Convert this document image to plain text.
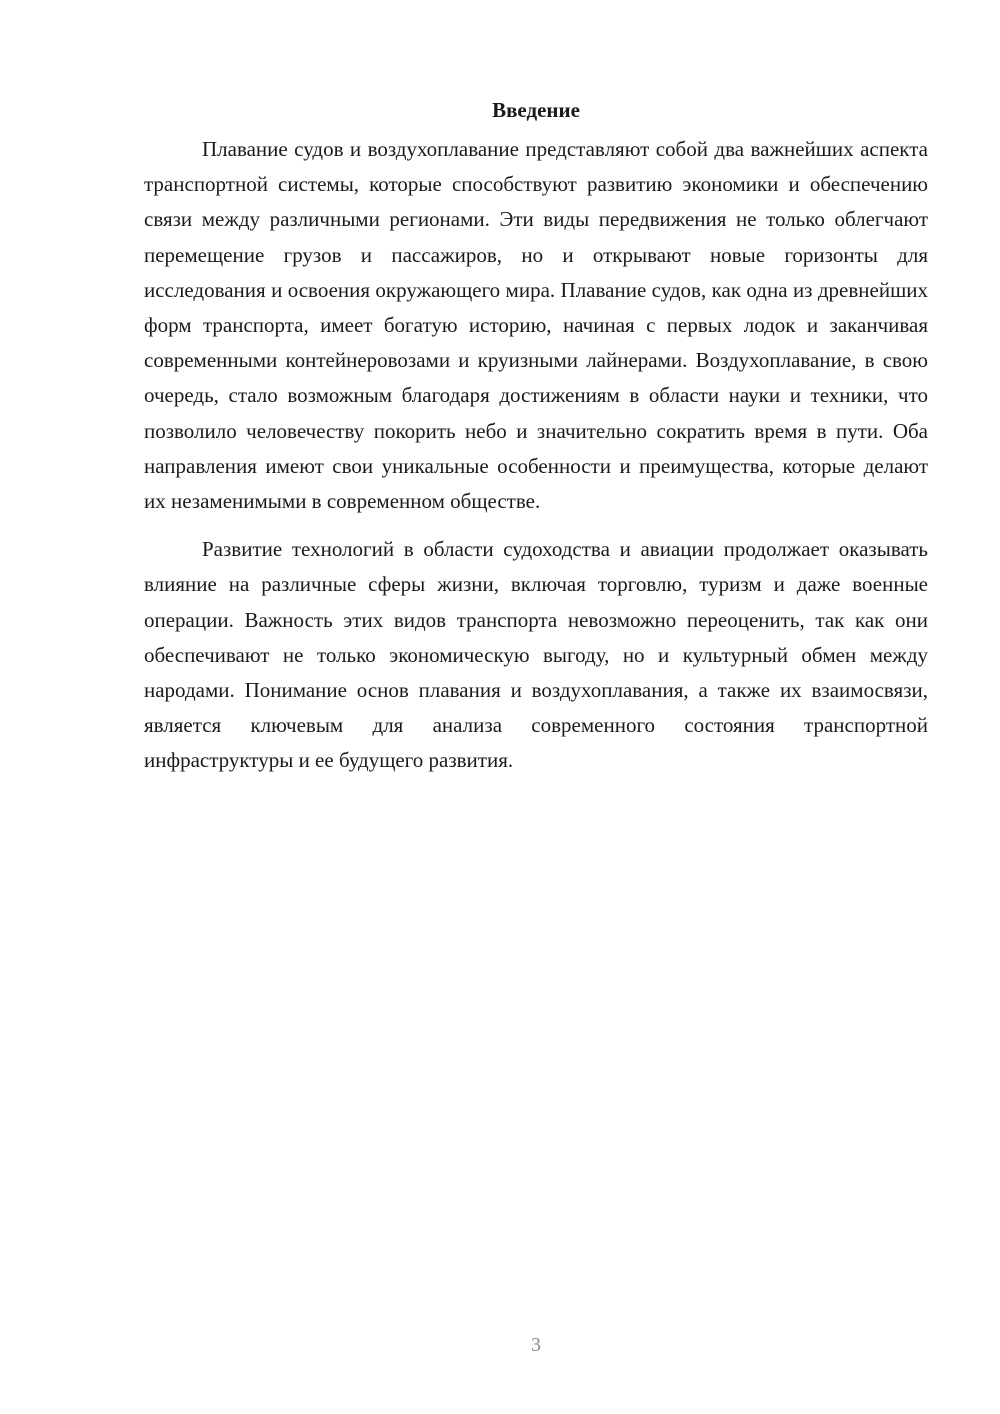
Введение

Плавание судов и воздухоплавание представляют собой два важнейших аспекта транспортной системы, которые способствуют развитию экономики и обеспечению связи между различными регионами. Эти виды передвижения не только облегчают перемещение грузов и пассажиров, но и открывают новые горизонты для исследования и освоения окружающего мира. Плавание судов, как одна из древнейших форм транспорта, имеет богатую историю, начиная с первых лодок и заканчивая современными контейнеровозами и круизными лайнерами. Воздухоплавание, в свою очередь, стало возможным благодаря достижениям в области науки и техники, что позволило человечеству покорить небо и значительно сократить время в пути. Оба направления имеют свои уникальные особенности и преимущества, которые делают их незаменимыми в современном обществе.

Развитие технологий в области судоходства и авиации продолжает оказывать влияние на различные сферы жизни, включая торговлю, туризм и даже военные операции. Важность этих видов транспорта невозможно переоценить, так как они обеспечивают не только экономическую выгоду, но и культурный обмен между народами. Понимание основ плавания и воздухоплавания, а также их взаимосвязи, является ключевым для анализа современного состояния транспортной инфраструктуры и ее будущего развития.

3
